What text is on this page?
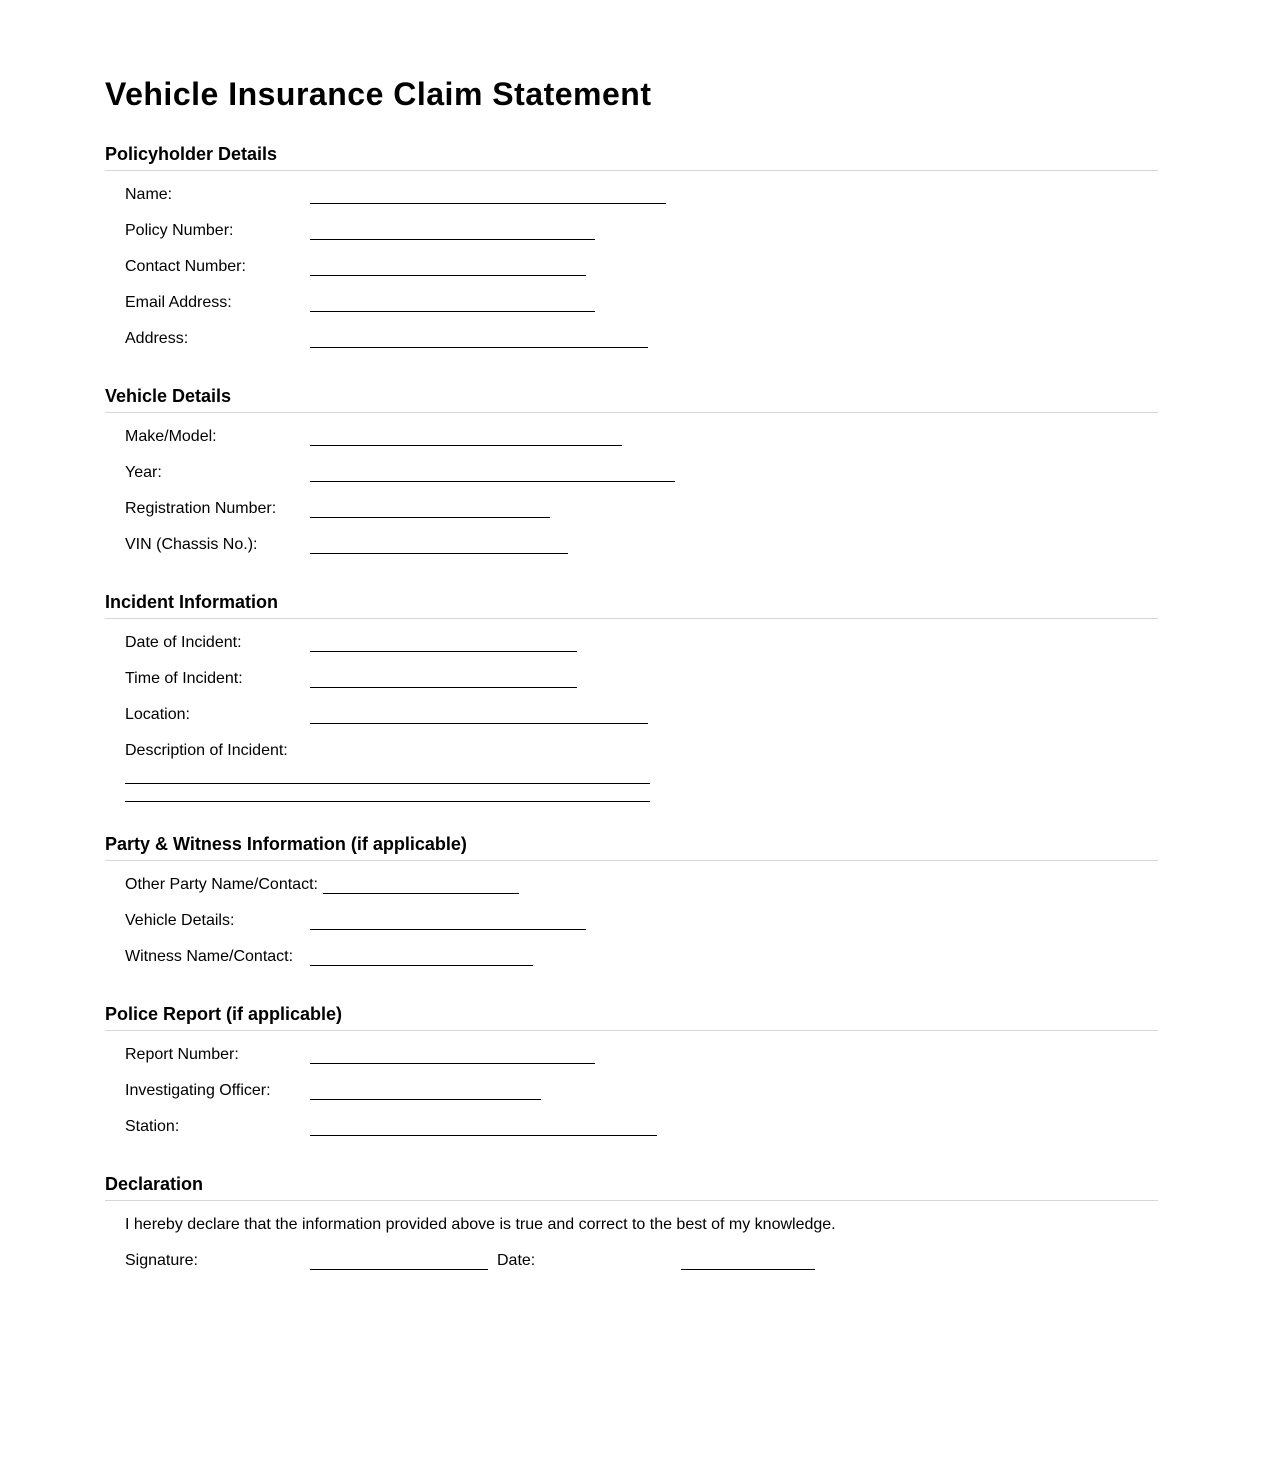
Vehicle Insurance Claim Statement
Policyholder Details
Name:
Policy Number:
Contact Number:
Email Address:
Address:
Vehicle Details
Make/Model:
Year:
Registration Number:
VIN (Chassis No.):
Incident Information
Date of Incident:
Time of Incident:
Location:
Description of Incident:
Party & Witness Information (if applicable)
Other Party Name/Contact:
Vehicle Details:
Witness Name/Contact:
Police Report (if applicable)
Report Number:
Investigating Officer:
Station:
Declaration
I hereby declare that the information provided above is true and correct to the best of my knowledge.
Signature:	Date:
